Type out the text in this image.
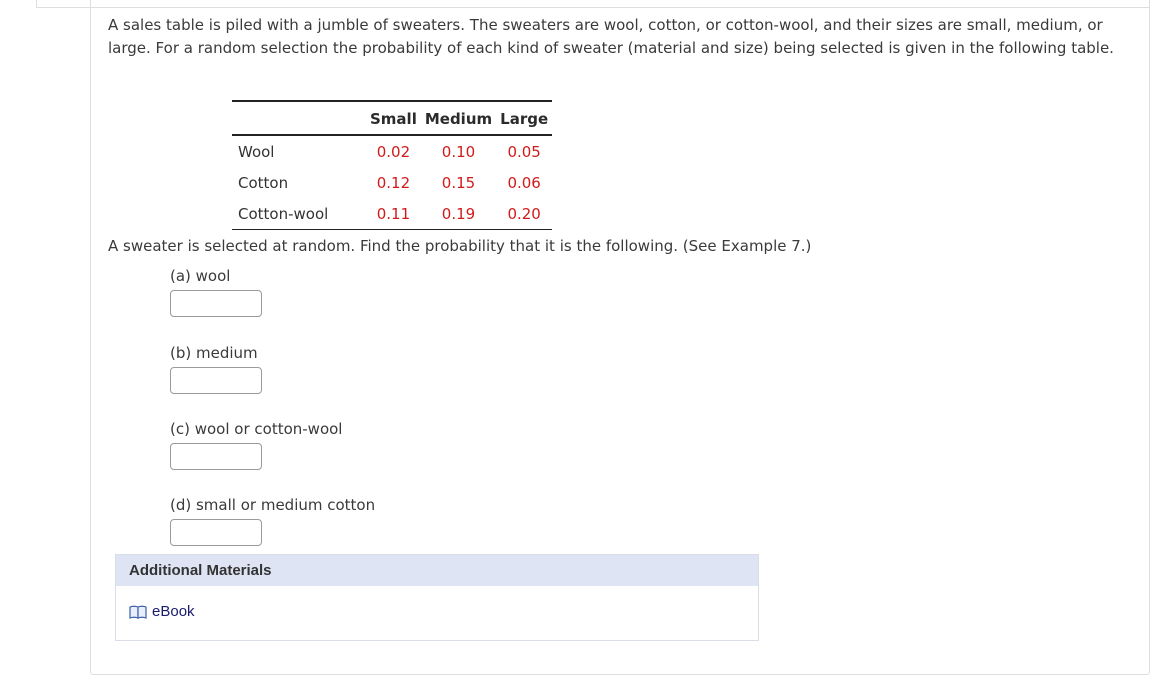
A sales table is piled with a jumble of sweaters. The sweaters are wool, cotton, or cotton-wool, and their sizes are small, medium, or large. For a random selection the probability of each kind of sweater (material and size) being selected is given in the following table.

	Small	Medium	Large
Wool	0.02	0.10	0.05
Cotton	0.12	0.15	0.06
Cotton-wool	0.11	0.19	0.20

A sweater is selected at random. Find the probability that it is the following. (See Example 7.)

(a) wool
(b) medium
(c) wool or cotton-wool
(d) small or medium cotton
Additional Materials
eBook
